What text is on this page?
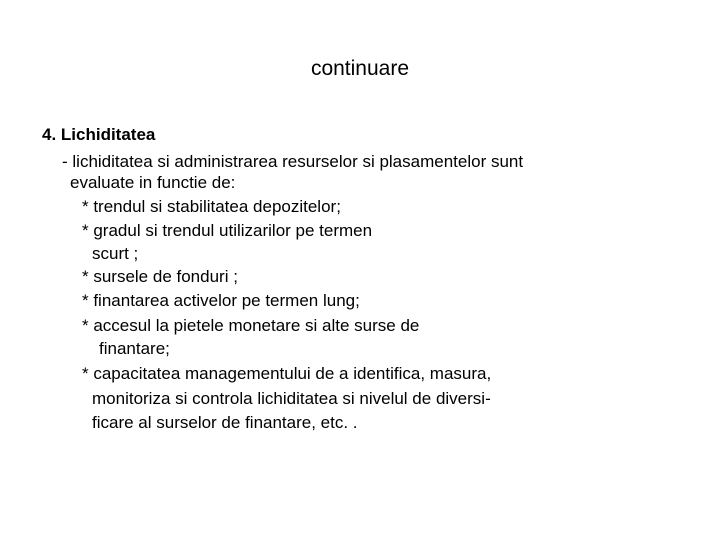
continuare
4. Lichiditatea
- lichiditatea si administrarea resurselor si plasamentelor sunt
evaluate in functie de:
* trendul si stabilitatea depozitelor;
* gradul si trendul utilizarilor pe termen
scurt ;
* sursele de fonduri ;
* finantarea activelor pe termen lung;
* accesul la pietele monetare si alte surse de
finantare;
* capacitatea managementului de a identifica, masura,
monitoriza si controla lichiditatea si nivelul de diversi-
ficare al surselor de finantare, etc. .
